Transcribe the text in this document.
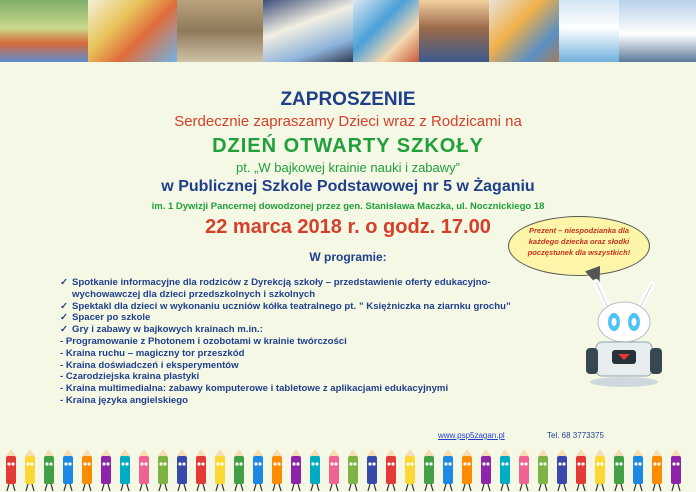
ZAPROSZENIE
Serdecznie zapraszamy Dzieci wraz z Rodzicami na
DZIEŃ OTWARTY SZKOŁY
pt. „W bajkowej krainie nauki i zabawy”
w Publicznej Szkole Podstawowej nr 5 w Żaganiu
im. 1 Dywizji Pancernej dowodzonej przez gen. Stanisława Maczka, ul. Nocznickiego 18
22 marca 2018 r. o godz. 17.00
W programie:
Prezent – niespodzianka dla każdego dziecka oraz słodki poczęstunek dla wszystkich!
✓ Spotkanie informacyjne dla rodziców z Dyrekcją szkoły – przedstawienie oferty edukacyjno-
wychowawczej dla dzieci przedszkolnych i szkolnych
✓ Spektakl dla dzieci w wykonaniu uczniów kółka teatralnego pt. ” Księżniczka na ziarnku grochu”
✓ Spacer po szkole
✓ Gry i zabawy w bajkowych krainach m.in.:
- Programowanie z Photonem i ozobotami w krainie twórczości
- Kraina ruchu – magiczny tor przeszkód
- Kraina doświadczeń i eksperymentów
- Czarodziejska kraina plastyki
- Kraina multimedialna: zabawy komputerowe i tabletowe z aplikacjami edukacyjnymi
- Kraina języka angielskiego
www.psp5zagan.pl	Tel. 68 3773375
